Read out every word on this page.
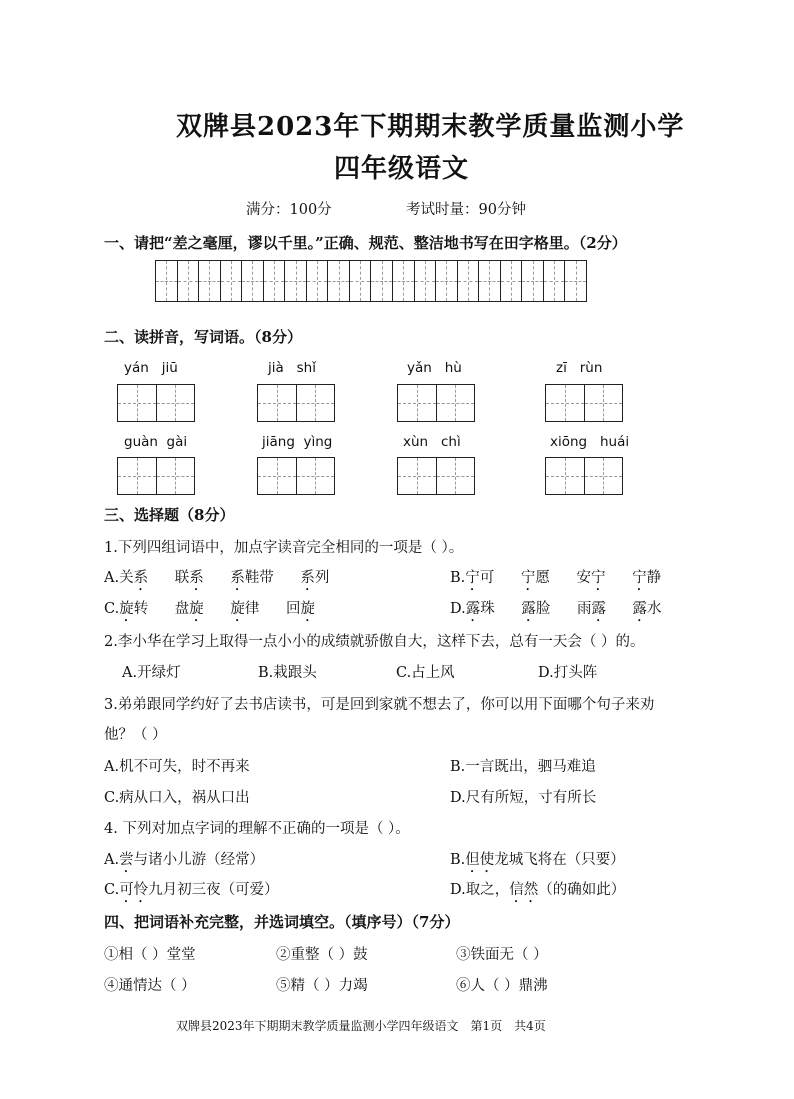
双牌县2023年下期期末教学质量监测小学
四年级语文
满分：100分	考试时量：90分钟
一、请把“差之毫厘，谬以千里。”正确、规范、整洁地书写在田字格里。（2分）
二、读拼音，写词语。（8分）
yán   jiū	jià   shǐ	yǎn   hù	zī   rùn
guàn  gài	jiāng  yìng	xùn   chì	xiōng   huái
三、选择题（8分）
1.下列四组词语中，加点字读音完全相同的一项是（ ）。
A.关系 联系 系鞋带 系列	B.宁可 宁愿 安宁 宁静
C.旋转 盘旋 旋律 回旋	D.露珠 露脸 雨露 露水
2.李小华在学习上取得一点小小的成绩就骄傲自大，这样下去，总有一天会（ ）的。
A.开绿灯	B.栽跟头	C.占上风	D.打头阵
3.弟弟跟同学约好了去书店读书，可是回到家就不想去了，你可以用下面哪个句子来劝
他？（ ）
A.机不可失，时不再来	B.一言既出，驷马难追
C.病从口入，祸从口出	D.尺有所短，寸有所长
4. 下列对加点字词的理解不正确的一项是（ ）。
A.尝与诸小儿游（经常）	B.但使龙城飞将在（只要）
C.可怜九月初三夜（可爱）	D.取之，信然（的确如此）
四、把词语补充完整，并选词填空。（填序号）（7分）
①相（ ）堂堂	②重整（ ）鼓	③铁面无（ ）
④通情达（ ）	⑤精（ ）力竭	⑥人（ ）鼎沸
双牌县2023年下期期末教学质量监测小学四年级语文　第1页　共4页
